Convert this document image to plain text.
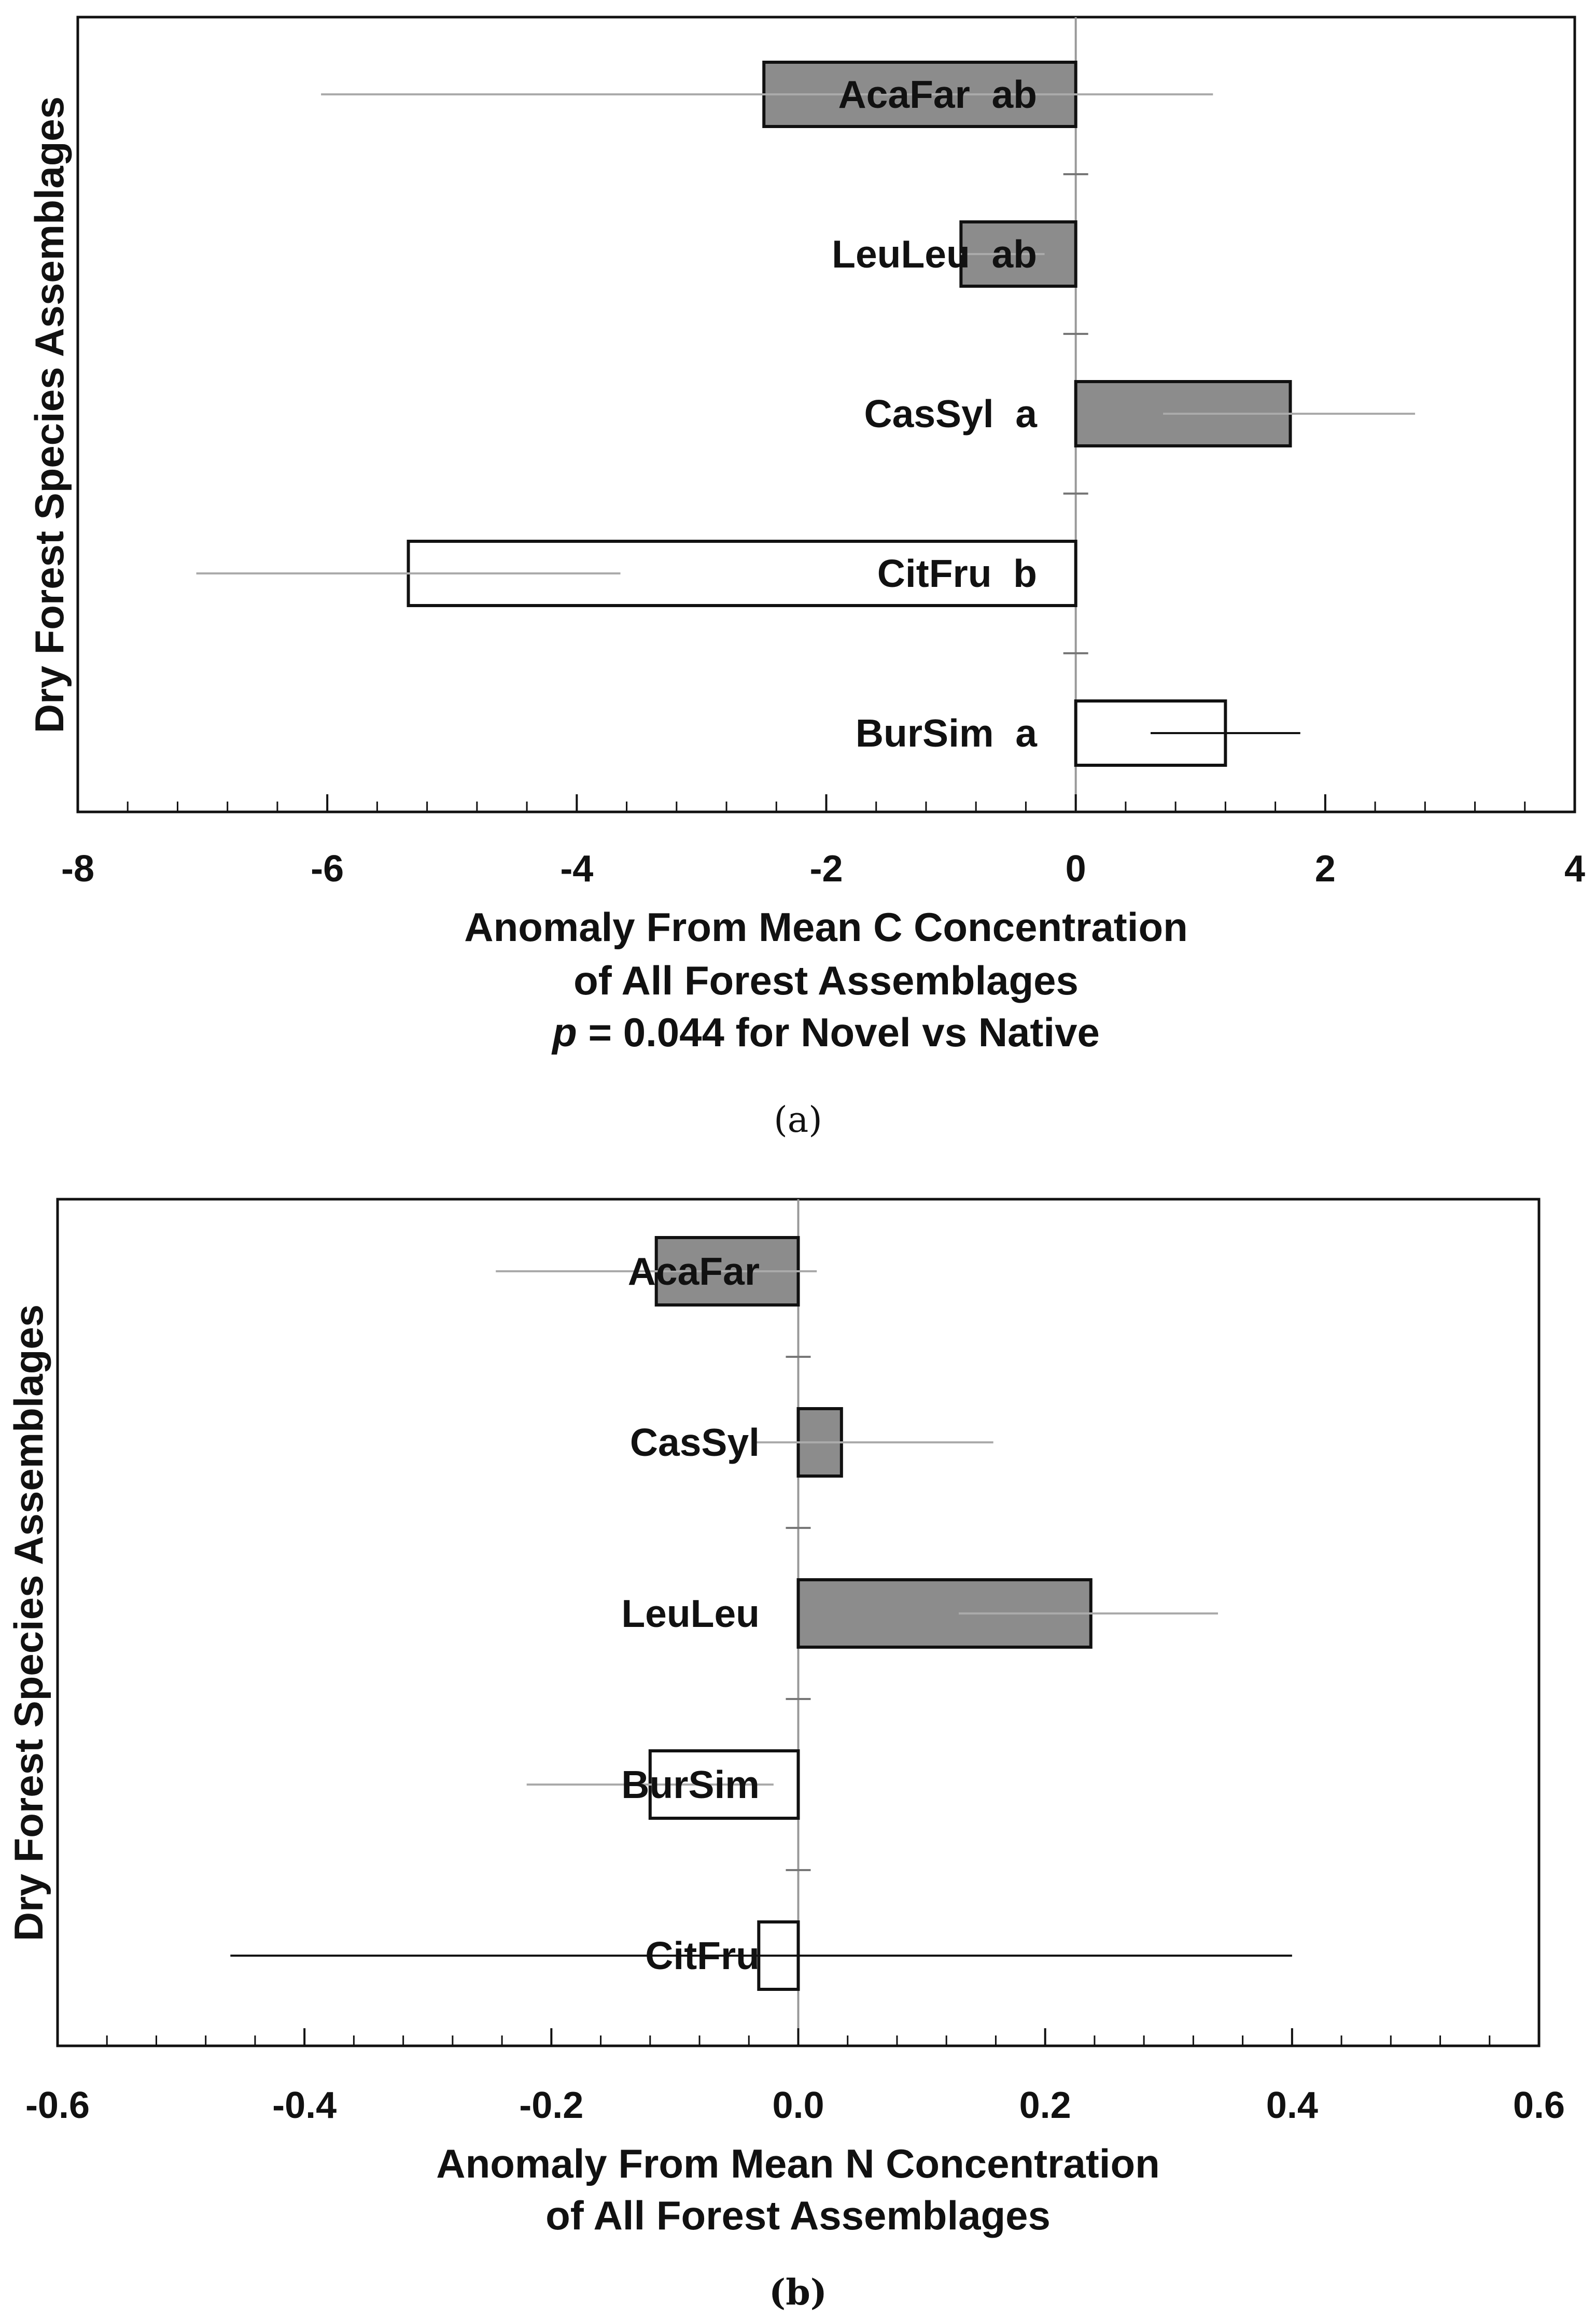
AcaFar  ab
LeuLeu  ab
CasSyl  a
CitFru  b
BurSim  a
-8	-6	-4	-2	0	2	4
Dry Forest Species Assemblages
Anomaly From Mean C Concentration
of All Forest Assemblages
p = 0.044 for Novel vs Native
(a)
AcaFar
CasSyl
LeuLeu
BurSim
CitFru
-0.6	-0.4	-0.2	0.0	0.2	0.4	0.6
Dry Forest Species Assemblages
Anomaly From Mean N Concentration
of All Forest Assemblages
(b)
